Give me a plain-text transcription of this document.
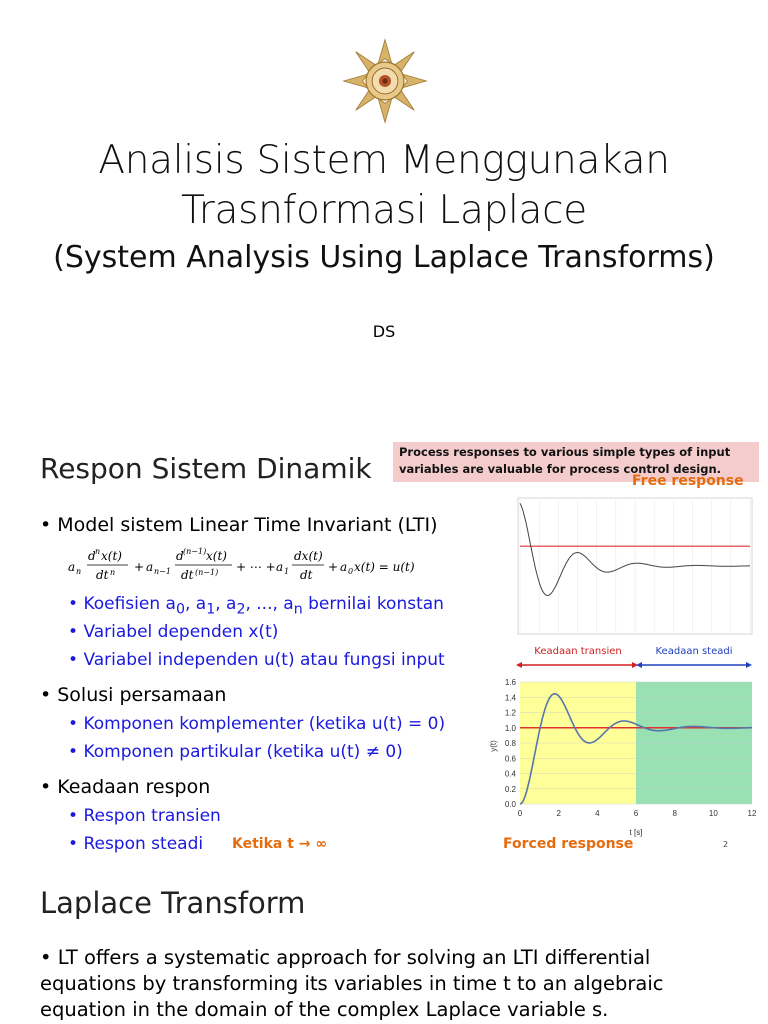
Analisis Sistem Menggunakan
Trasnformasi Laplace
(System Analysis Using Laplace Transforms)
DS
Respon Sistem Dinamik	Process responses to various simple types of input variables are valuable for process control design.
Free response
• Model sistem Linear Time Invariant (LTI)
a n
d n x(t)
dt n + a n−1
d (n−1) x(t)
dt (n−1) + ⋯ + a 1
dx(t)
dt
+ a 0 x(t) = u(t)
• Koefisien $a_0$, $a_1$, $a_2$, ..., $a_n$ bernilai konstan
• Variabel dependen x(t)
• Variabel independen u(t) atau fungsi input
• Solusi persamaan
• Komponen komplementer (ketika u(t) = 0)
• Komponen partikular (ketika u(t) ≠ 0)
• Keadaan respon
• Respon transien
• Respon steadi Ketika t → ∞
Keadaan transien	Keadaan steadi
0.0
0.2
0.4
0.6
0.8
1.0
1.2
1.4
1.6
0	2	4	6	8	10	12
t [s]
y(t)
Forced response	2
Laplace Transform
• LT offers a systematic approach for solving an LTI differential equations by transforming its variables in time t to an algebraic equation in the domain of the complex Laplace variable s.
